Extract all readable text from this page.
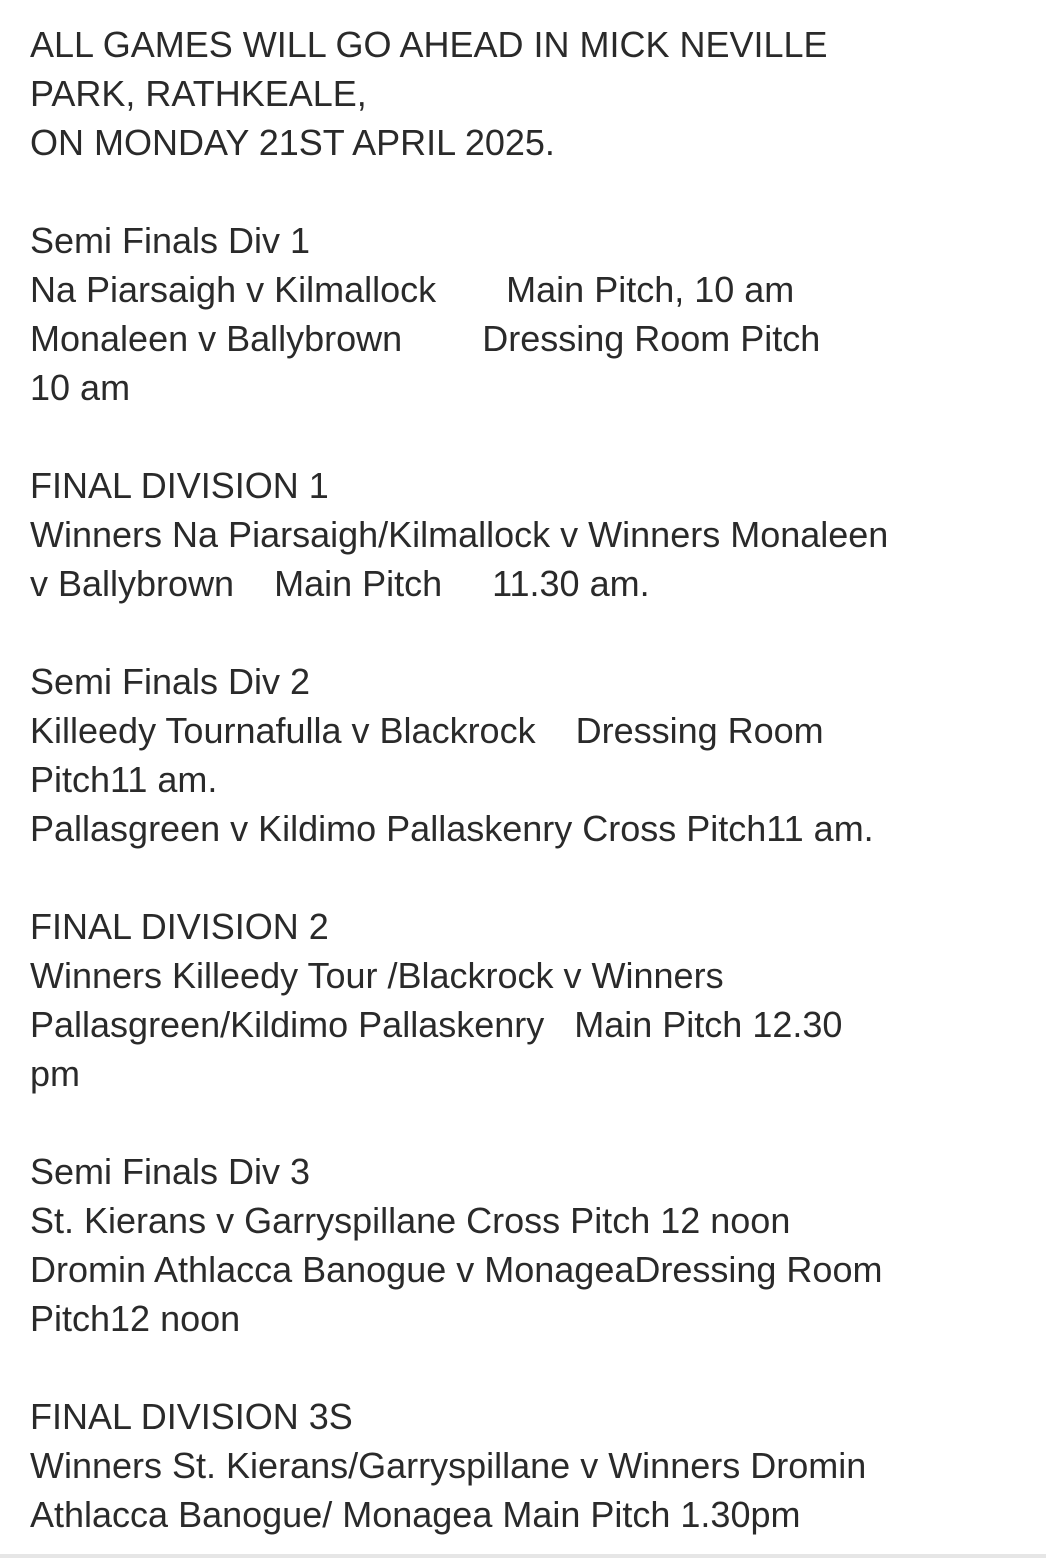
ALL GAMES WILL GO AHEAD IN MICK NEVILLE
PARK, RATHKEALE,
ON MONDAY 21ST APRIL 2025.
Semi Finals Div 1
Na Piarsaigh v Kilmallock       Main Pitch, 10 am
Monaleen v Ballybrown        Dressing Room Pitch
10 am
FINAL DIVISION 1
Winners Na Piarsaigh/Kilmallock v Winners Monaleen
v Ballybrown    Main Pitch     11.30 am.
Semi Finals Div 2
Killeedy Tournafulla v Blackrock    Dressing Room
Pitch11 am.
Pallasgreen v Kildimo Pallaskenry Cross Pitch11 am.
FINAL DIVISION 2
Winners Killeedy Tour /Blackrock v Winners
Pallasgreen/Kildimo Pallaskenry   Main Pitch 12.30
pm
Semi Finals Div 3
St. Kierans v Garryspillane Cross Pitch 12 noon
Dromin Athlacca Banogue v MonageaDressing Room
Pitch12 noon
FINAL DIVISION 3S
Winners St. Kierans/Garryspillane v Winners Dromin
Athlacca Banogue/ Monagea Main Pitch 1.30pm
